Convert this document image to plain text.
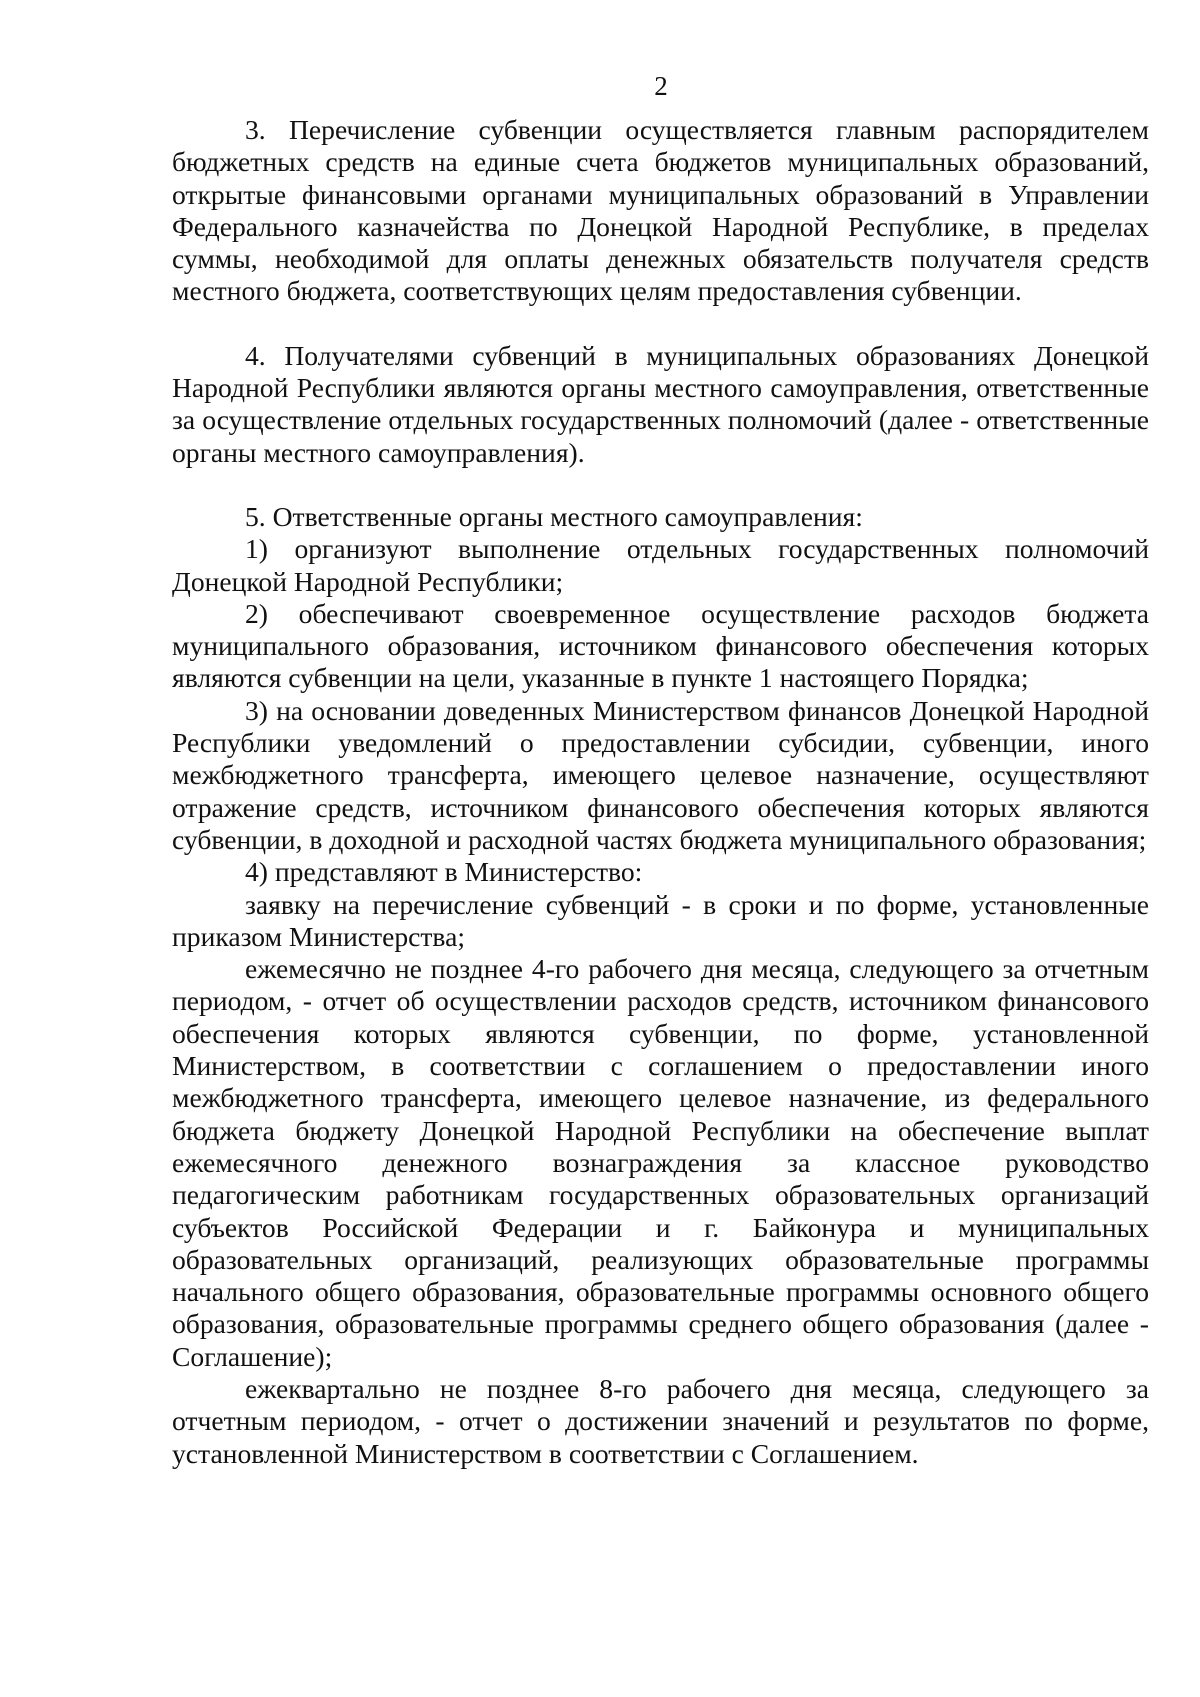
2

3. Перечисление субвенции осуществляется главным распорядителем бюджетных средств на единые счета бюджетов муниципальных образований, открытые финансовыми органами муниципальных образований в Управлении Федерального казначейства по Донецкой Народной Республике, в пределах суммы, необходимой для оплаты денежных обязательств получателя средств местного бюджета, соответствующих целям предоставления субвенции.

4. Получателями субвенций в муниципальных образованиях Донецкой Народной Республики являются органы местного самоуправления, ответственные за осуществление отдельных государственных полномочий (далее - ответственные органы местного самоуправления).

5. Ответственные органы местного самоуправления:

1) организуют выполнение отдельных государственных полномочий Донецкой Народной Республики;

2) обеспечивают своевременное осуществление расходов бюджета муниципального образования, источником финансового обеспечения которых являются субвенции на цели, указанные в пункте 1 настоящего Порядка;

3) на основании доведенных Министерством финансов Донецкой Народной Республики уведомлений о предоставлении субсидии, субвенции, иного межбюджетного трансферта, имеющего целевое назначение, осуществляют отражение средств, источником финансового обеспечения которых являются субвенции, в доходной и расходной частях бюджета муниципального образования;

4) представляют в Министерство:

заявку на перечисление субвенций - в сроки и по форме, установленные приказом Министерства;

ежемесячно не позднее 4-го рабочего дня месяца, следующего за отчетным периодом, - отчет об осуществлении расходов средств, источником финансового обеспечения которых являются субвенции, по форме, установленной Министерством, в соответствии с соглашением о предоставлении иного межбюджетного трансферта, имеющего целевое назначение, из федерального бюджета бюджету Донецкой Народной Республики на обеспечение выплат ежемесячного денежного вознаграждения за классное руководство педагогическим работникам государственных образовательных организаций субъектов Российской Федерации и г. Байконура и муниципальных образовательных организаций, реализующих образовательные программы начального общего образования, образовательные программы основного общего образования, образовательные программы среднего общего образования (далее - Соглашение);

ежеквартально не позднее 8-го рабочего дня месяца, следующего за отчетным периодом, - отчет о достижении значений и результатов по форме, установленной Министерством в соответствии с Соглашением.
